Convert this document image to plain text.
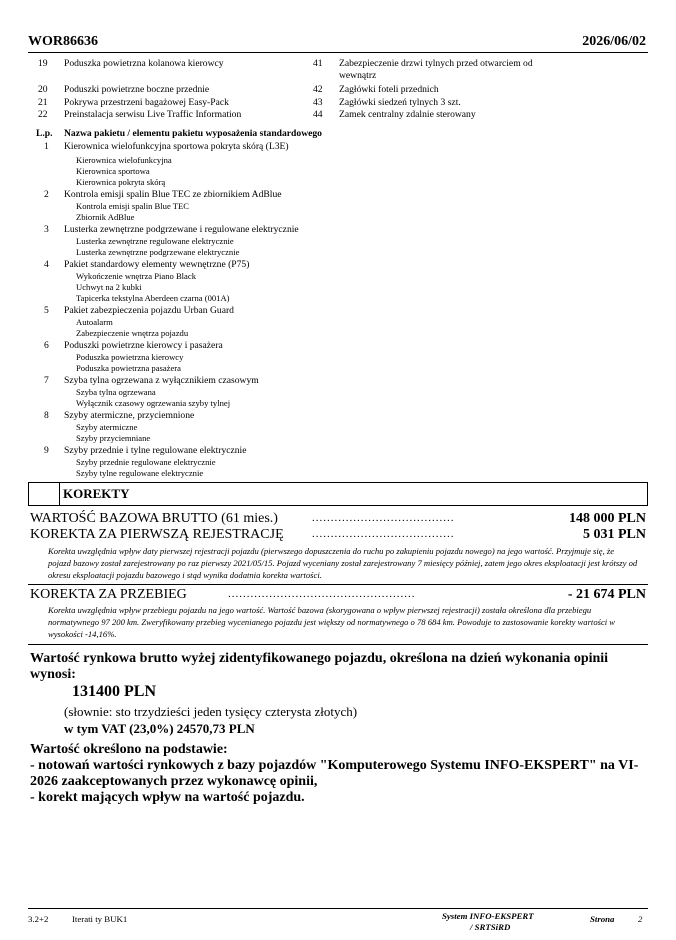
WOR86636	2026/06/02
19 Poduszka powietrzna kolanowa kierowcy
20 Poduszki powietrzne boczne przednie
21 Pokrywa przestrzeni bagażowej Easy-Pack
22 Preinstalacja serwisu Live Traffic Information
41 Zabezpieczenie drzwi tylnych przed otwarciem od
wewnątrz
42 Zagłówki foteli przednich
43 Zagłówki siedzeń tylnych 3 szt.
44 Zamek centralny zdalnie sterowany
L.p. Nazwa pakietu / elementu pakietu wyposażenia standardowego
1 Kierownica wielofunkcyjna sportowa pokryta skórą (L3E)
Kierownica wielofunkcyjna
Kierownica sportowa
Kierownica pokryta skórą
2 Kontrola emisji spalin Blue TEC ze zbiornikiem AdBlue
Kontrola emisji spalin Blue TEC
Zbiornik AdBlue
3 Lusterka zewnętrzne podgrzewane i regulowane elektrycznie
Lusterka zewnętrzne regulowane elektrycznie
Lusterka zewnętrzne podgrzewane elektrycznie
4 Pakiet standardowy elementy wewnętrzne (P75)
Wykończenie wnętrza Piano Black
Uchwyt na 2 kubki
Tapicerka tekstylna Aberdeen czarna (001A)
5 Pakiet zabezpieczenia pojazdu Urban Guard
Autoalarm
Zabezpieczenie wnętrza pojazdu
6 Poduszki powietrzne kierowcy i pasażera
Poduszka powietrzna kierowcy
Poduszka powietrzna pasażera
7 Szyba tylna ogrzewana z wyłącznikiem czasowym
Szyba tylna ogrzewana
Wyłącznik czasowy ogrzewania szyby tylnej
8 Szyby atermiczne, przyciemnione
Szyby atermiczne
Szyby przyciemniane
9 Szyby przednie i tylne regulowane elektrycznie
Szyby przednie regulowane elektrycznie
Szyby tylne regulowane elektrycznie
KOREKTY
WARTOŚĆ BAZOWA BRUTTO (61 mies.)	......................................	148 000 PLN
KOREKTA ZA PIERWSZĄ REJESTRACJĘ	......................................	5 031 PLN
Korekta uwzględnia wpływ daty pierwszej rejestracji pojazdu (pierwszego dopuszczenia do ruchu po zakupieniu pojazdu nowego) na jego wartość. Przyjmuje się, że pojazd bazowy został zarejestrowany po raz pierwszy 2021/05/15. Pojazd wyceniany został zarejestrowany 7 miesięcy później, zatem jego okres eksploatacji jest krótszy od okresu eksploatacji pojazdu bazowego i stąd wynika dodatnia korekta wartości.
KOREKTA ZA PRZEBIEG	..................................................	- 21 674 PLN
Korekta uwzględnia wpływ przebiegu pojazdu na jego wartość. Wartość bazowa (skorygowana o wpływ pierwszej rejestracji) została określona dla przebiegu normatywnego 97 200 km. Zweryfikowany przebieg wycenianego pojazdu jest większy od normatywnego o 78 684 km. Powoduje to zastosowanie korekty wartości w wysokości -14,16%.
Wartość rynkowa brutto wyżej zidentyfikowanego pojazdu, określona na dzień wykonania opinii
wynosi:
131400 PLN
(słownie: sto trzydzieści jeden tysięcy czterysta złotych)
w tym VAT (23,0%) 24570,73 PLN
Wartość określono na podstawie:
- notowań wartości rynkowych z bazy pojazdów "Komputerowego Systemu INFO-EKSPERT" na VI-
2026 zaakceptowanych przez wykonawcę opinii,
- korekt mających wpływ na wartość pojazdu.
3.2+2	Iterati ty BUK1	System INFO-EKSPERT
/ SRTSiRD
Strona	2
